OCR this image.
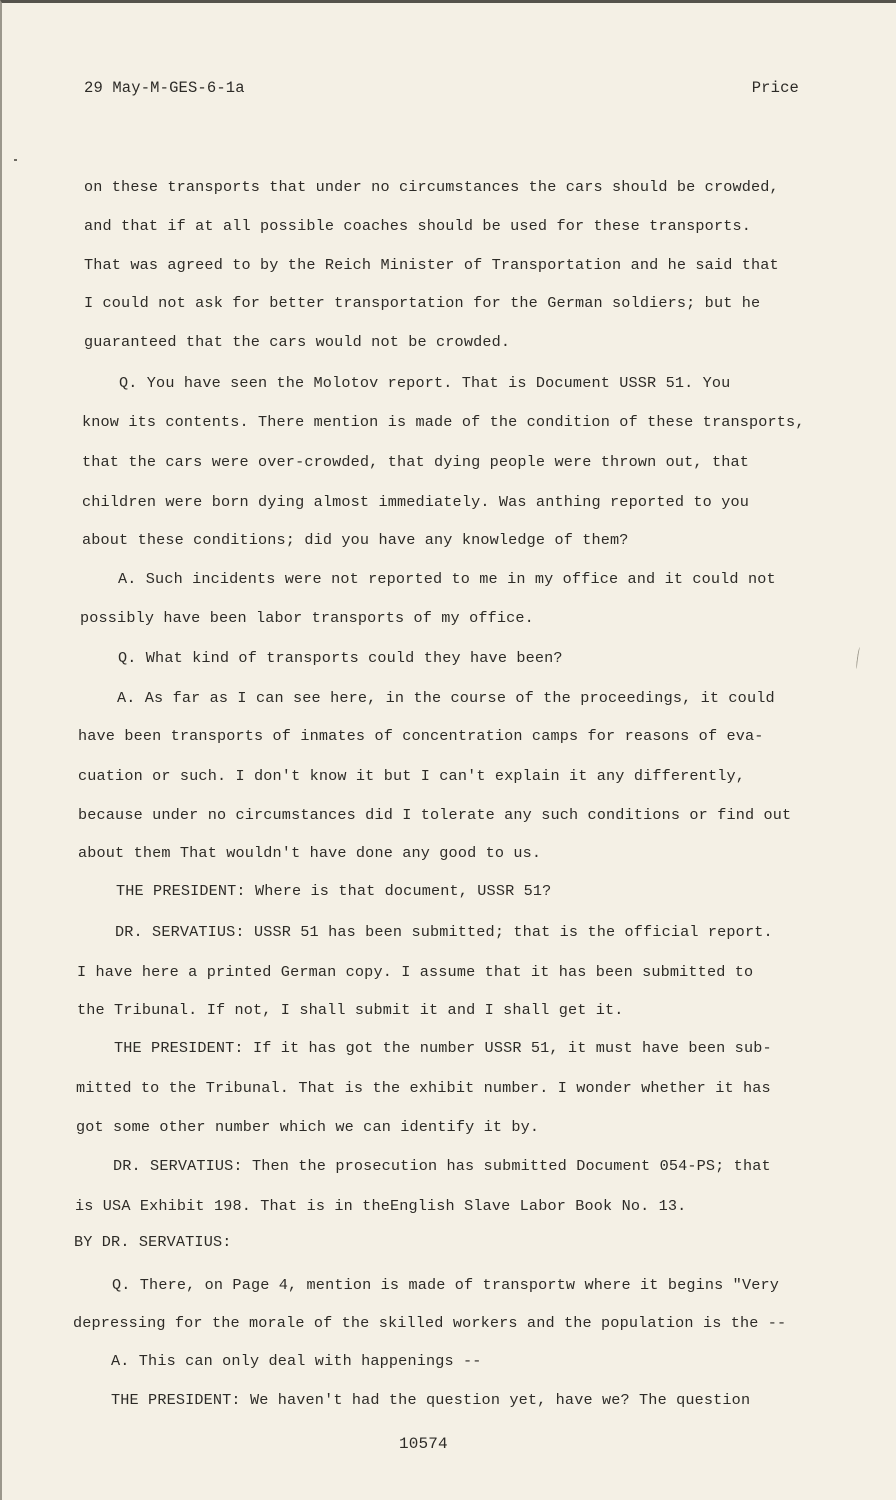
29 May-M-GES-6-1a	Price
on these transports that under no circumstances the cars should be crowded,
and that if at all possible coaches should be used for these transports.
That was agreed to by the Reich Minister of Transportation and he said that
I could not ask for better transportation for the German soldiers; but he
guaranteed that the cars would not be crowded.
Q. You have seen the Molotov report. That is Document USSR 51. You
know its contents. There mention is made of the condition of these transports,
that the cars were over-crowded, that dying people were thrown out, that
children were born dying almost immediately. Was anthing reported to you
about these conditions; did you have any knowledge of them?
A. Such incidents were not reported to me in my office and it could not
possibly have been labor transports of my office.
Q. What kind of transports could they have been?
A. As far as I can see here, in the course of the proceedings, it could
have been transports of inmates of concentration camps for reasons of eva-
cuation or such. I don't know it but I can't explain it any differently,
because under no circumstances did I tolerate any such conditions or find out
about them That wouldn't have done any good to us.
THE PRESIDENT: Where is that document, USSR 51?
DR. SERVATIUS: USSR 51 has been submitted; that is the official report.
I have here a printed German copy. I assume that it has been submitted to
the Tribunal. If not, I shall submit it and I shall get it.
THE PRESIDENT: If it has got the number USSR 51, it must have been sub-
mitted to the Tribunal. That is the exhibit number. I wonder whether it has
got some other number which we can identify it by.
DR. SERVATIUS: Then the prosecution has submitted Document 054-PS; that
is USA Exhibit 198. That is in theEnglish Slave Labor Book No. 13.
BY DR. SERVATIUS:
Q. There, on Page 4, mention is made of transportw where it begins "Very
depressing for the morale of the skilled workers and the population is the --
A. This can only deal with happenings --
THE PRESIDENT: We haven't had the question yet, have we? The question
10574
